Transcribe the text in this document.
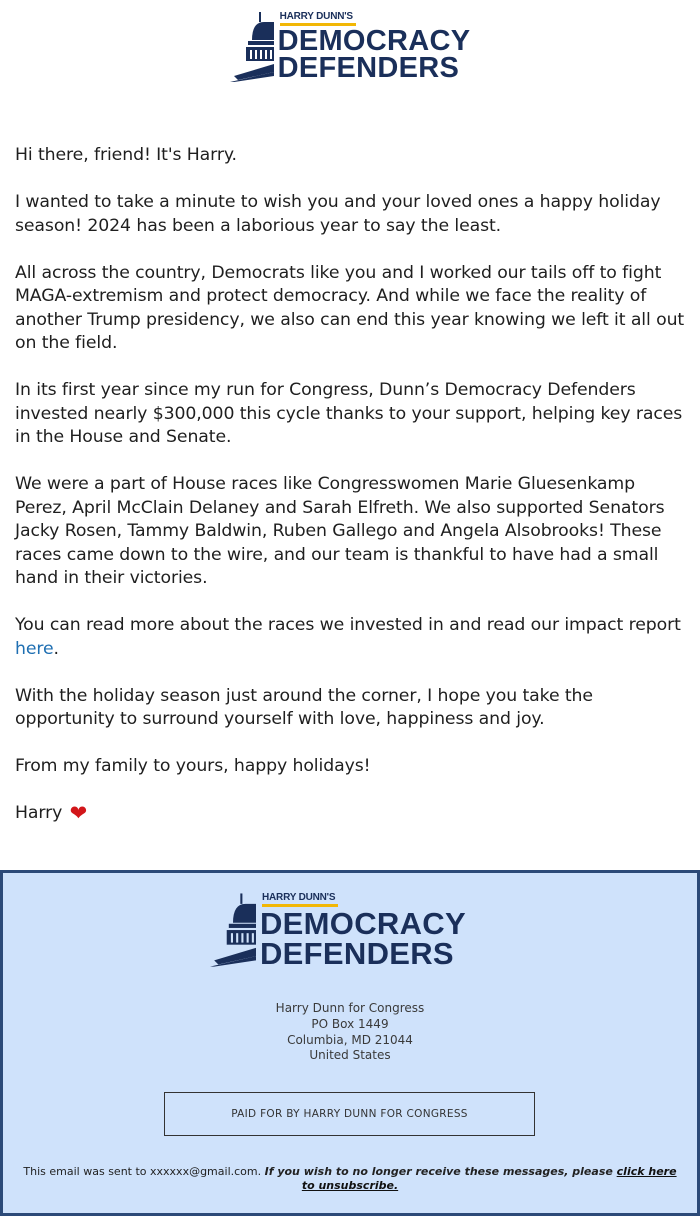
HARRY DUNN'S
DEMOCRACY
DEFENDERS

Hi there, friend! It's Harry.

I wanted to take a minute to wish you and your loved ones a happy holiday season! 2024 has been a laborious year to say the least.

All across the country, Democrats like you and I worked our tails off to fight MAGA-extremism and protect democracy. And while we face the reality of another Trump presidency, we also can end this year knowing we left it all out on the field.

In its first year since my run for Congress, Dunn’s Democracy Defenders invested nearly $300,000 this cycle thanks to your support, helping key races in the House and Senate.

We were a part of House races like Congresswomen Marie Gluesenkamp Perez, April McClain Delaney and Sarah Elfreth. We also supported Senators Jacky Rosen, Tammy Baldwin, Ruben Gallego and Angela Alsobrooks! These races came down to the wire, and our team is thankful to have had a small hand in their victories.

You can read more about the races we invested in and read our impact report here.

With the holiday season just around the corner, I hope you take the opportunity to surround yourself with love, happiness and joy.

From my family to yours, happy holidays!

Harry ❤

HARRY DUNN'S
DEMOCRACY
DEFENDERS
Harry Dunn for Congress
PO Box 1449
Columbia, MD 21044
United States
PAID FOR BY HARRY DUNN FOR CONGRESS
This email was sent to xxxxxx@gmail.com. If you wish to no longer receive these messages, please click here to unsubscribe.
